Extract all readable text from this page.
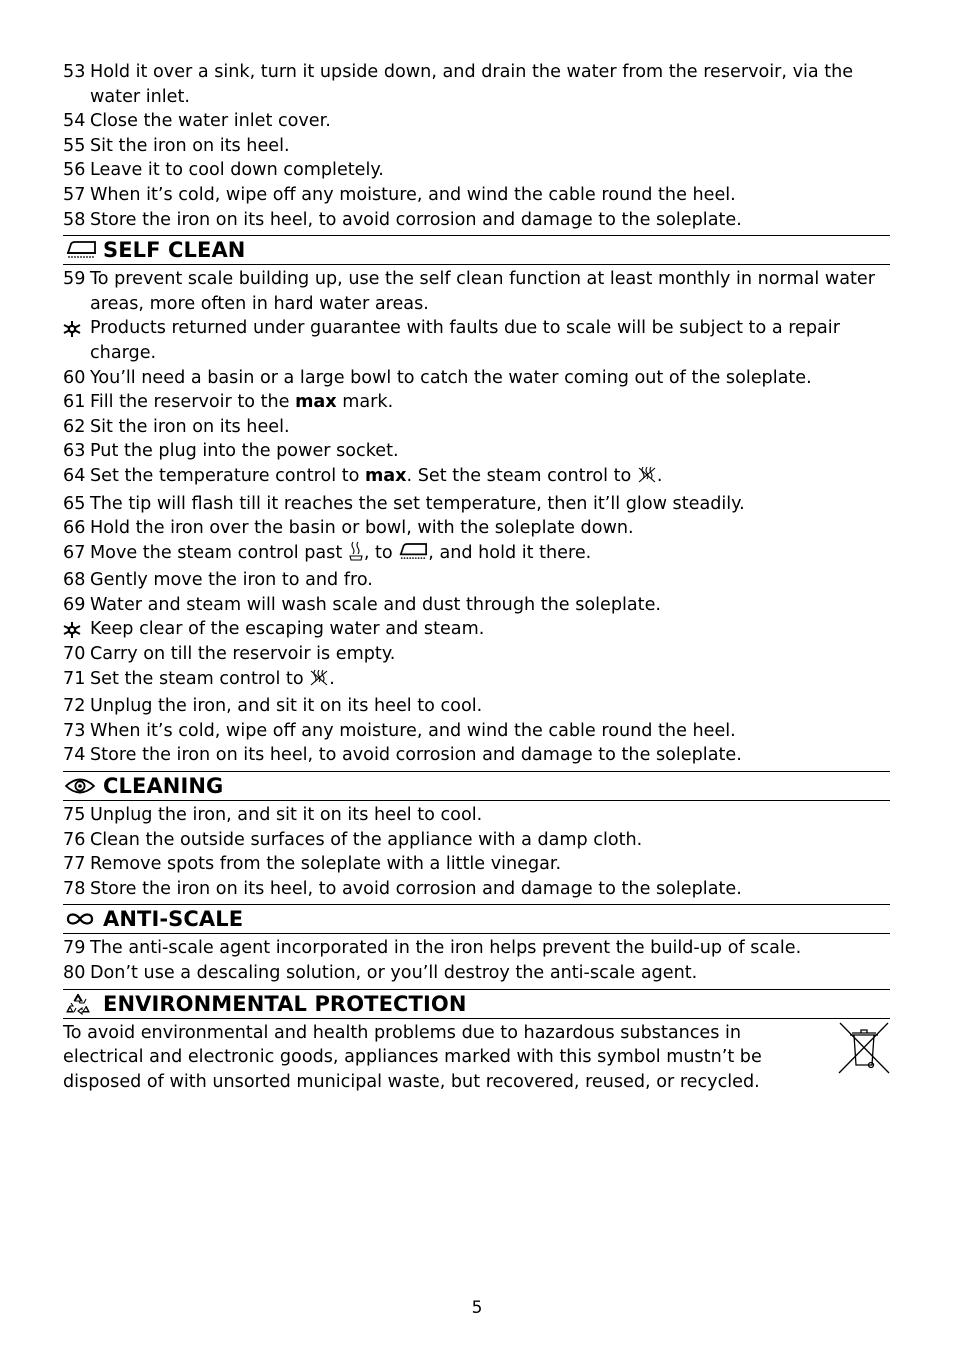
53 Hold it over a sink, turn it upside down, and drain the water from the reservoir, via the water inlet.
54 Close the water inlet cover.
55 Sit the iron on its heel.
56 Leave it to cool down completely.
57 When it’s cold, wipe off any moisture, and wind the cable round the heel.
58 Store the iron on its heel, to avoid corrosion and damage to the soleplate.
SELF CLEAN
59 To prevent scale building up, use the self clean function at least monthly in normal water areas, more often in hard water areas.
Products returned under guarantee with faults due to scale will be subject to a repair charge.
60 You’ll need a basin or a large bowl to catch the water coming out of the soleplate.
61 Fill the reservoir to the max mark.
62 Sit the iron on its heel.
63 Put the plug into the power socket.
64 Set the temperature control to max. Set the steam control to .
65 The tip will flash till it reaches the set temperature, then it’ll glow steadily.
66 Hold the iron over the basin or bowl, with the soleplate down.
67 Move the steam control past , to , and hold it there.
68 Gently move the iron to and fro.
69 Water and steam will wash scale and dust through the soleplate.
Keep clear of the escaping water and steam.
70 Carry on till the reservoir is empty.
71 Set the steam control to .
72 Unplug the iron, and sit it on its heel to cool.
73 When it’s cold, wipe off any moisture, and wind the cable round the heel.
74 Store the iron on its heel, to avoid corrosion and damage to the soleplate.
CLEANING
75 Unplug the iron, and sit it on its heel to cool.
76 Clean the outside surfaces of the appliance with a damp cloth.
77 Remove spots from the soleplate with a little vinegar.
78 Store the iron on its heel, to avoid corrosion and damage to the soleplate.
ANTI-SCALE
79 The anti-scale agent incorporated in the iron helps prevent the build-up of scale.
80 Don’t use a descaling solution, or you’ll destroy the anti-scale agent.
ENVIRONMENTAL PROTECTION
To avoid environmental and health problems due to hazardous substances in electrical and electronic goods, appliances marked with this symbol mustn’t be disposed of with unsorted municipal waste, but recovered, reused, or recycled.
5
